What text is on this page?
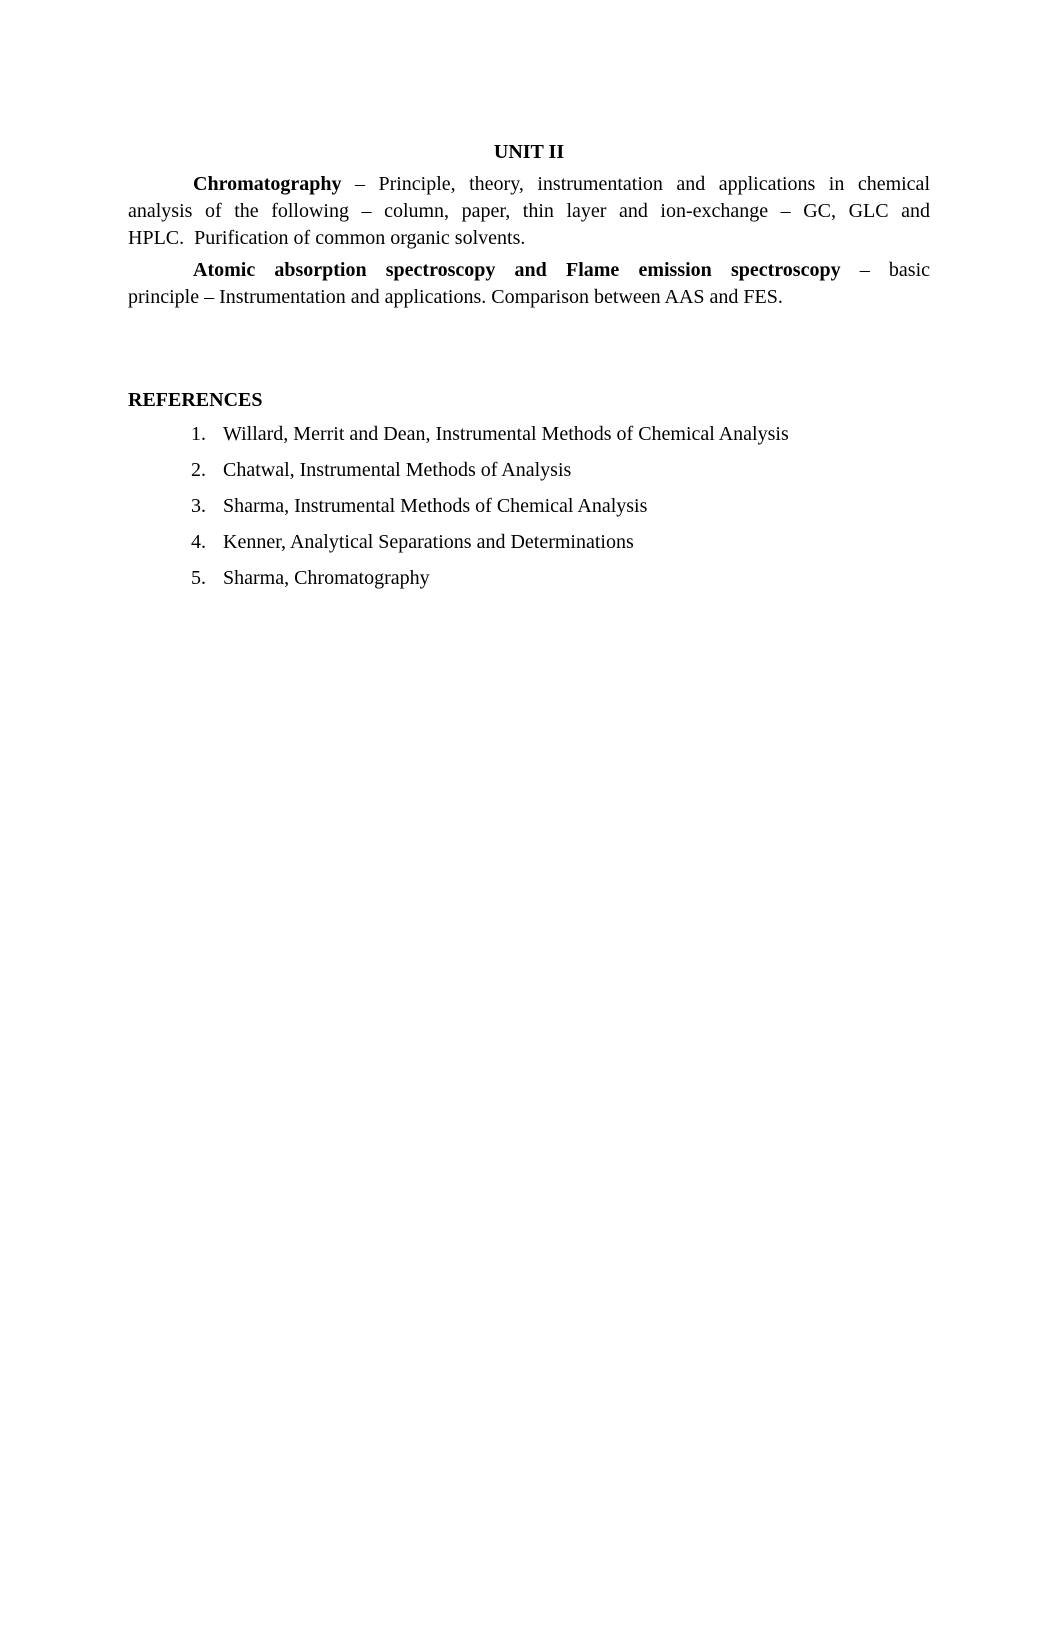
UNIT II
Chromatography – Principle, theory, instrumentation and applications in chemical
analysis of the following – column, paper, thin layer and ion-exchange – GC, GLC and
HPLC.  Purification of common organic solvents.
Atomic absorption spectroscopy and Flame emission spectroscopy – basic
principle – Instrumentation and applications. Comparison between AAS and FES.
REFERENCES
1. Willard, Merrit and Dean, Instrumental Methods of Chemical Analysis
2. Chatwal, Instrumental Methods of Analysis
3. Sharma, Instrumental Methods of Chemical Analysis
4. Kenner, Analytical Separations and Determinations
5. Sharma, Chromatography
